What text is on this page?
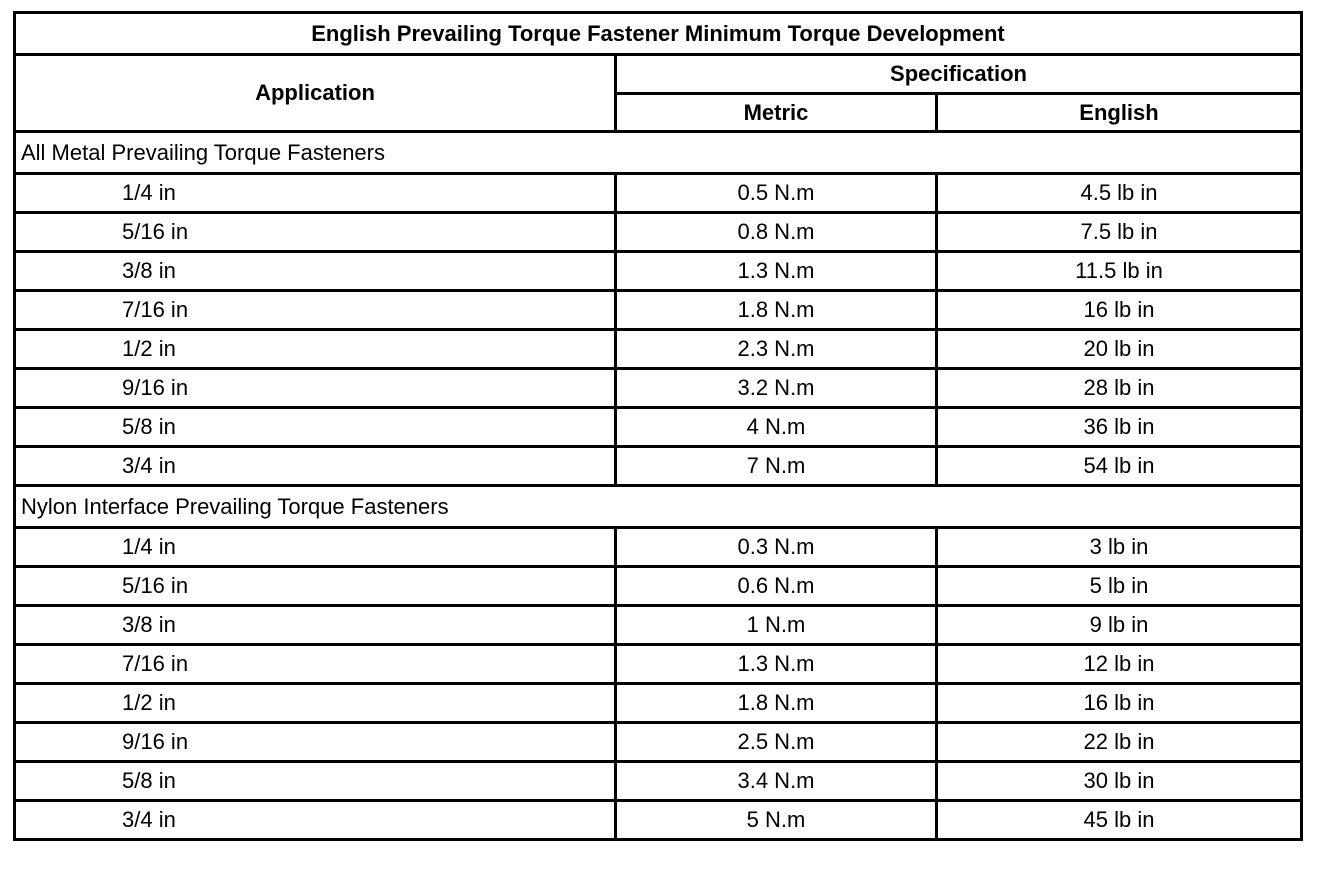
English Prevailing Torque Fastener Minimum Torque Development		
Application	Specification	
	Metric	English
All Metal Prevailing Torque Fasteners		
1/4 in	0.5 N.m	4.5 lb in
5/16 in	0.8 N.m	7.5 lb in
3/8 in	1.3 N.m	11.5 lb in
7/16 in	1.8 N.m	16 lb in
1/2 in	2.3 N.m	20 lb in
9/16 in	3.2 N.m	28 lb in
5/8 in	4 N.m	36 lb in
3/4 in	7 N.m	54 lb in
Nylon Interface Prevailing Torque Fasteners		
1/4 in	0.3 N.m	3 lb in
5/16 in	0.6 N.m	5 lb in
3/8 in	1 N.m	9 lb in
7/16 in	1.3 N.m	12 lb in
1/2 in	1.8 N.m	16 lb in
9/16 in	2.5 N.m	22 lb in
5/8 in	3.4 N.m	30 lb in
3/4 in	5 N.m	45 lb in
